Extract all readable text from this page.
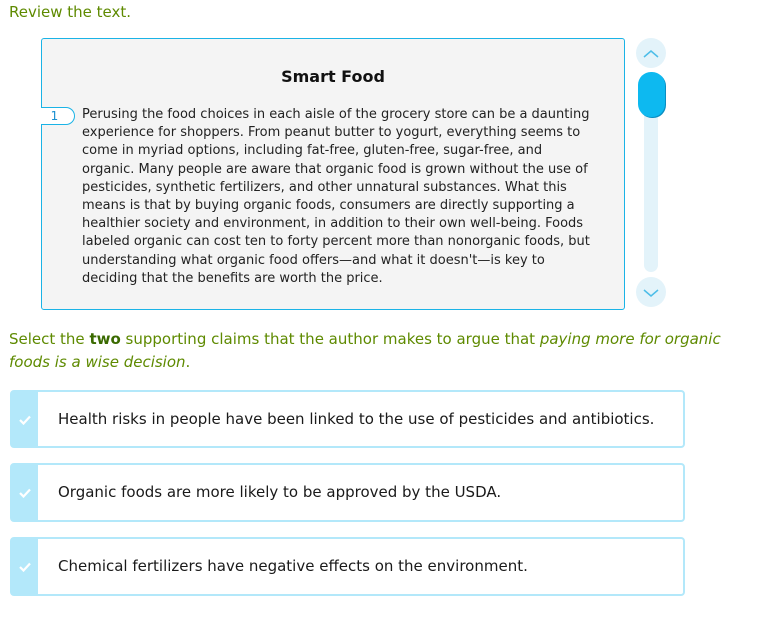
Review the text.
Smart Food
1	Perusing the food choices in each aisle of the grocery store can be a daunting experience for shoppers. From peanut butter to yogurt, everything seems to come in myriad options, including fat-free, gluten-free, sugar-free, and organic. Many people are aware that organic food is grown without the use of pesticides, synthetic fertilizers, and other unnatural substances. What this means is that by buying organic foods, consumers are directly supporting a healthier society and environment, in addition to their own well-being. Foods labeled organic can cost ten to forty percent more than nonorganic foods, but understanding what organic food offers—and what it doesn't—is key to deciding that the benefits are worth the price.
Select the two supporting claims that the author makes to argue that paying more for organic foods is a wise decision.
Health risks in people have been linked to the use of pesticides and antibiotics.
Organic foods are more likely to be approved by the USDA.
Chemical fertilizers have negative effects on the environment.
